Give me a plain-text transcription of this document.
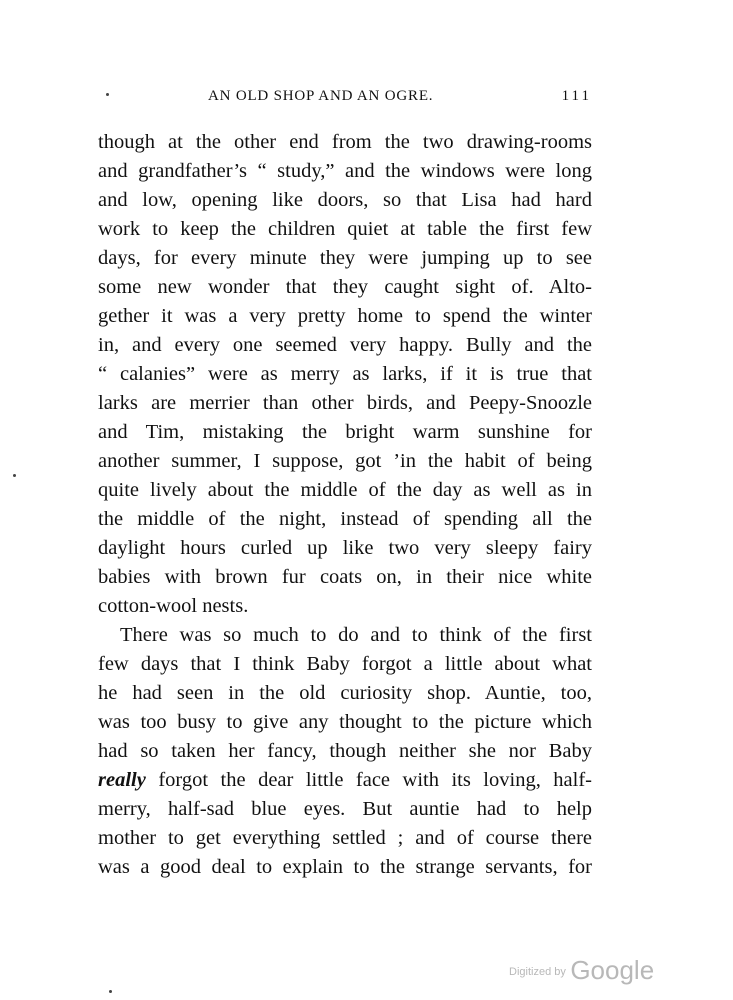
AN OLD SHOP AND AN OGRE.	111
though at the other end from the two drawing-rooms
and grandfather’s “ study,” and the windows were long
and low, opening like doors, so that Lisa had hard
work to keep the children quiet at table the first few
days, for every minute they were jumping up to see
some new wonder that they caught sight of. Alto-
gether it was a very pretty home to spend the winter
in, and every one seemed very happy. Bully and the
“ calanies” were as merry as larks, if it is true that
larks are merrier than other birds, and Peepy-Snoozle
and Tim, mistaking the bright warm sunshine for
another summer, I suppose, got ’in the habit of being
quite lively about the middle of the day as well as in
the middle of the night, instead of spending all the
daylight hours curled up like two very sleepy fairy
babies with brown fur coats on, in their nice white
cotton-wool nests.
There was so much to do and to think of the first
few days that I think Baby forgot a little about what
he had seen in the old curiosity shop. Auntie, too,
was too busy to give any thought to the picture which
had so taken her fancy, though neither she nor Baby
really forgot the dear little face with its loving, half-
merry, half-sad blue eyes. But auntie had to help
mother to get everything settled ; and of course there
was a good deal to explain to the strange servants, for
$^{Digitized by}$ Google
